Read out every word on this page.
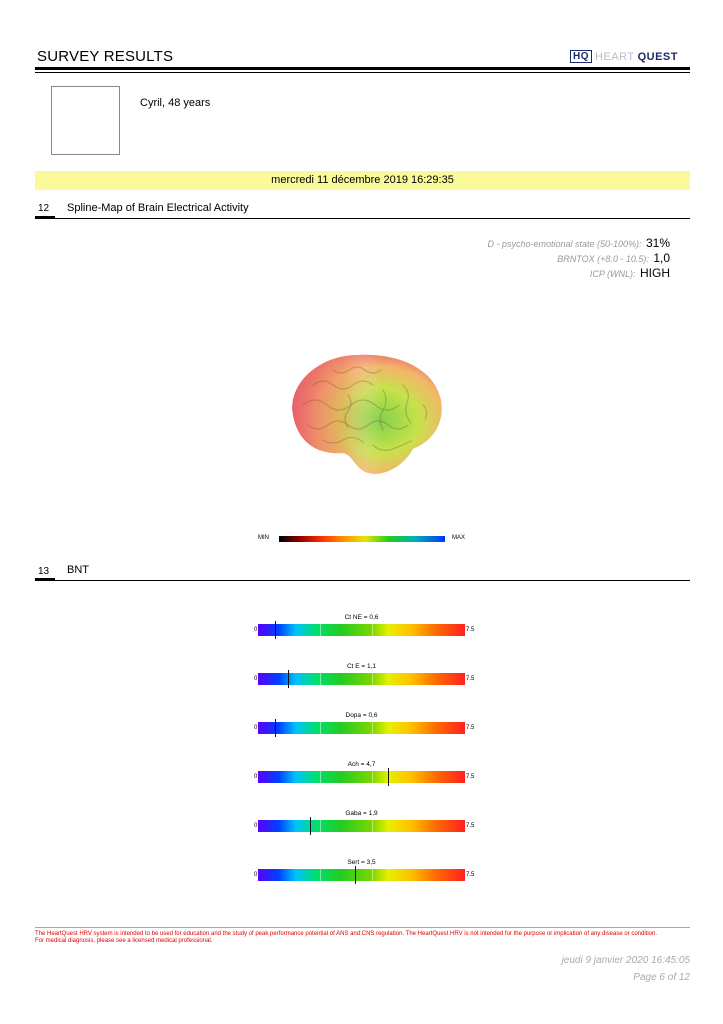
SURVEY RESULTS	HQ HEART QUEST
Cyril, 48 years
mercredi 11 décembre 2019 16:29:35
12 Spline-Map of Brain Electrical Activity
D - psycho-emotional state (50-100%): 31%
BRNTOX (+8.0 - 10.5): 1,0
ICP (WNL): HIGH
MIN	MAX
13 BNT
Ct NE = 0,6
0	7.5
Ct E = 1,1
0	7.5
Dopa = 0,6
0	7.5
Ach = 4,7
0	7.5
Gaba = 1,9
0	7.5
Sert = 3,5
0	7.5
The HeartQuest HRV system is intended to be used for education and the study of peak performance potential of ANS and CNS regulation. The HeartQuest HRV is not intended for the purpose or implication of any disease or condition.
For medical diagnosis, please see a licensed medical professional.
jeudi 9 janvier 2020 16:45:05
Page 6 of 12
